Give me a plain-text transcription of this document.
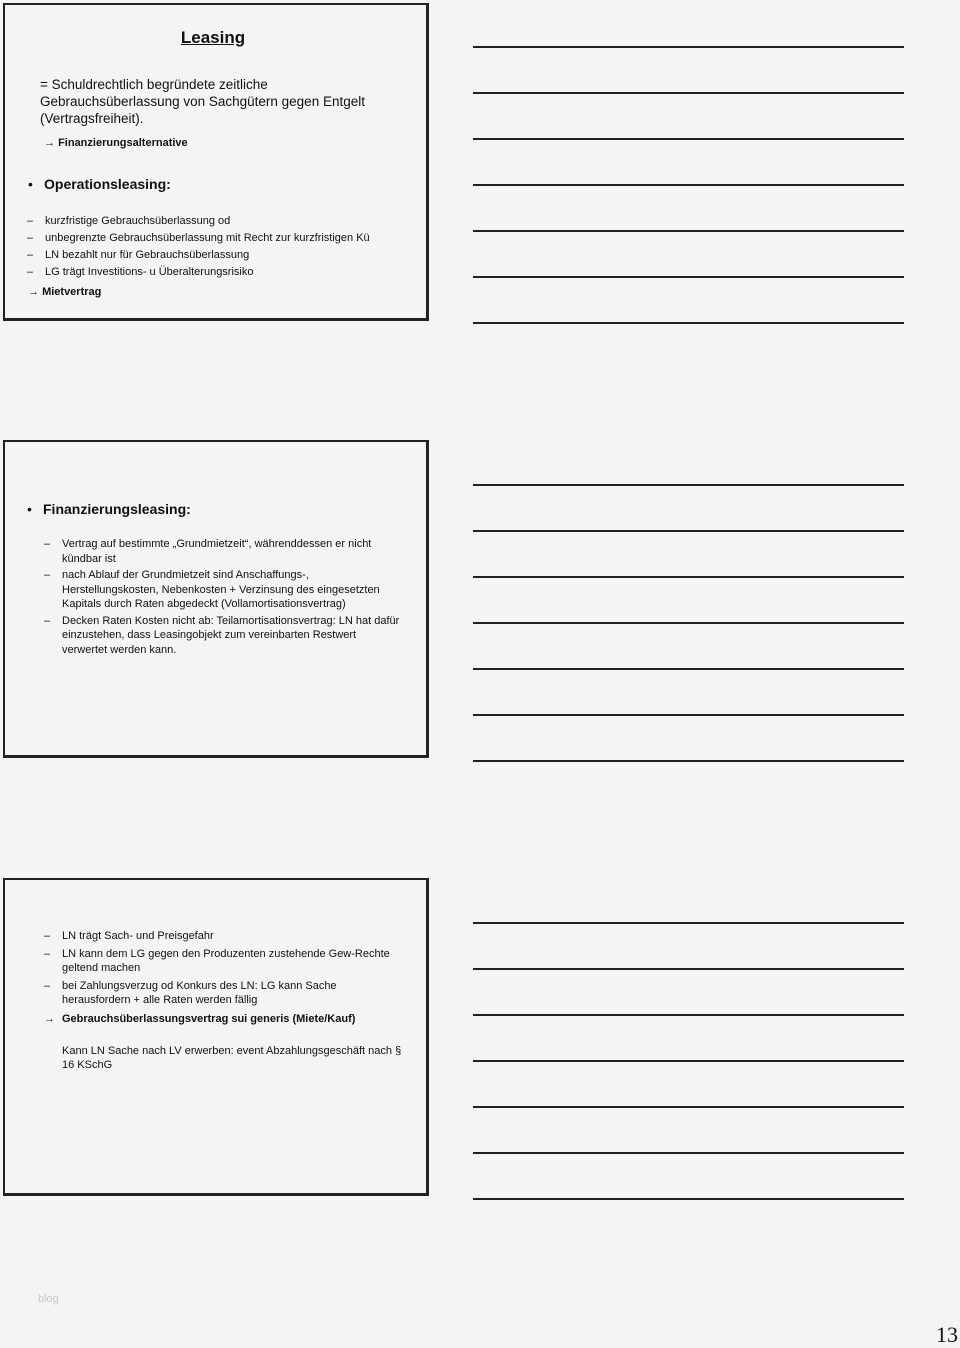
Leasing

= Schuldrechtlich begründete zeitliche Gebrauchsüberlassung von Sachgütern gegen Entgelt (Vertragsfreiheit).

→ Finanzierungsalternative
• Operationsleasing:
– kurzfristige Gebrauchsüberlassung od
– unbegrenzte Gebrauchsüberlassung mit Recht zur kurzfristigen Kü
– LN bezahlt nur für Gebrauchsüberlassung
– LG trägt Investitions- u Überalterungsrisiko
→ Mietvertrag
• Finanzierungsleasing:
– Vertrag auf bestimmte „Grundmietzeit“, währenddessen er nicht kündbar ist
– nach Ablauf der Grundmietzeit sind Anschaffungs-, Herstellungskosten, Nebenkosten + Verzinsung des eingesetzten Kapitals durch Raten abgedeckt (Vollamortisationsvertrag)
– Decken Raten Kosten nicht ab: Teilamortisationsvertrag: LN hat dafür einzustehen, dass Leasingobjekt zum vereinbarten Restwert verwertet werden kann.
– LN trägt Sach- und Preisgefahr
– LN kann dem LG gegen den Produzenten zustehende Gew-Rechte geltend machen
– bei Zahlungsverzug od Konkurs des LN: LG kann Sache herausfordern + alle Raten werden fällig
→ Gebrauchsüberlassungsvertrag sui generis (Miete/Kauf)
Kann LN Sache nach LV erwerben: event Abzahlungsgeschäft nach § 16 KSchG
blog
13
